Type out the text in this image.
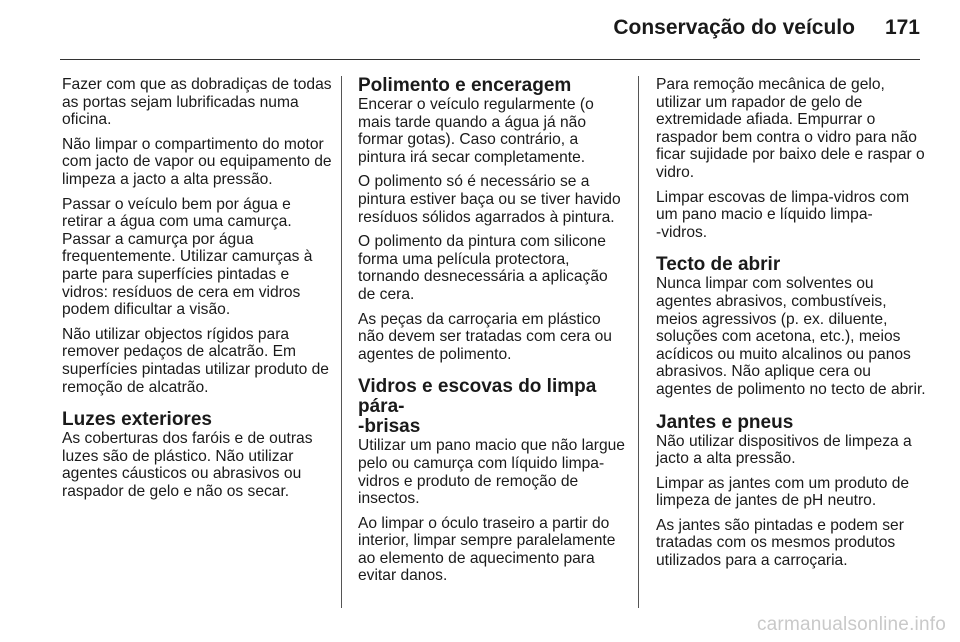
Conservação do veículo 171

Fazer com que as dobradiças de todas as portas sejam lubrificadas numa oficina.

Não limpar o compartimento do motor com jacto de vapor ou equipamento de limpeza a jacto a alta pressão.

Passar o veículo bem por água e retirar a água com uma camurça. Passar a camurça por água frequentemente. Utilizar camurças à parte para superfícies pintadas e vidros: resíduos de cera em vidros podem dificultar a visão.

Não utilizar objectos rígidos para remover pedaços de alcatrão. Em superfícies pintadas utilizar produto de remoção de alcatrão.

Luzes exteriores

As coberturas dos faróis e de outras luzes são de plástico. Não utilizar agentes cáusticos ou abrasivos ou raspador de gelo e não os secar.

Polimento e enceragem

Encerar o veículo regularmente (o mais tarde quando a água já não formar gotas). Caso contrário, a pintura irá secar completamente.

O polimento só é necessário se a pintura estiver baça ou se tiver havido resíduos sólidos agarrados à pintura.

O polimento da pintura com silicone forma uma película protectora, tornando desnecessária a aplicação de cera.

As peças da carroçaria em plástico não devem ser tratadas com cera ou agentes de polimento.

Vidros e escovas do limpa pára-
-brisas

Utilizar um pano macio que não largue pelo ou camurça com líquido limpa-vidros e produto de remoção de insectos.

Ao limpar o óculo traseiro a partir do interior, limpar sempre paralelamente ao elemento de aquecimento para evitar danos.

Para remoção mecânica de gelo, utilizar um rapador de gelo de extremidade afiada. Empurrar o raspador bem contra o vidro para não ficar sujidade por baixo dele e raspar o vidro.

Limpar escovas de limpa-vidros com um pano macio e líquido limpa-
-vidros.

Tecto de abrir

Nunca limpar com solventes ou agentes abrasivos, combustíveis, meios agressivos (p. ex. diluente, soluções com acetona, etc.), meios acídicos ou muito alcalinos ou panos abrasivos. Não aplique cera ou agentes de polimento no tecto de abrir.

Jantes e pneus

Não utilizar dispositivos de limpeza a jacto a alta pressão.

Limpar as jantes com um produto de limpeza de jantes de pH neutro.

As jantes são pintadas e podem ser tratadas com os mesmos produtos utilizados para a carroçaria.

carmanualsonline.info
